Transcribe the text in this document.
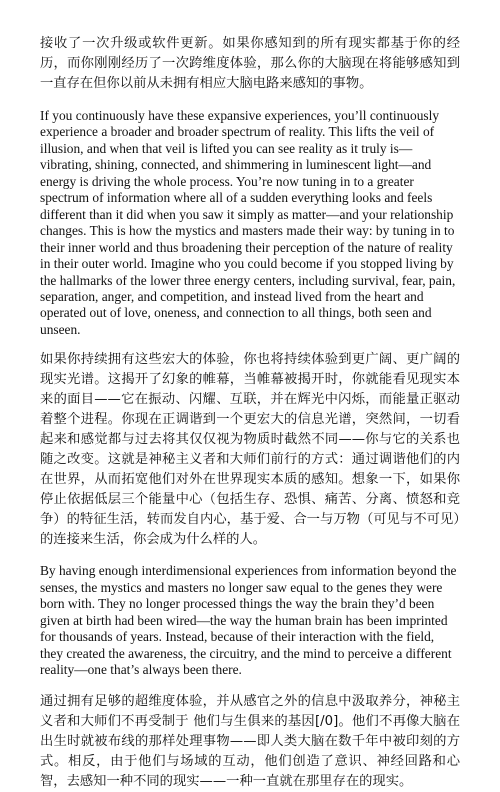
接收了一次升级或软件更新。如果你感知到的所有现实都基于你的经历，而你刚刚经历了一次跨维度体验，那么你的大脑现在将能够感知到一直存在但你以前从未拥有相应大脑电路来感知的事物。

If you continuously have these expansive experiences, you’ll continuously experience a broader and broader spectrum of reality. This lifts the veil of illusion, and when that veil is lifted you can see reality as it truly is—vibrating, shining, connected, and shimmering in luminescent light—and energy is driving the whole process. You’re now tuning in to a greater spectrum of information where all of a sudden everything looks and feels different than it did when you saw it simply as matter—and your relationship changes. This is how the mystics and masters made their way: by tuning in to their inner world and thus broadening their perception of the nature of reality in their outer world. Imagine who you could become if you stopped living by the hallmarks of the lower three energy centers, including survival, fear, pain, separation, anger, and competition, and instead lived from the heart and operated out of love, oneness, and connection to all things, both seen and unseen.

如果你持续拥有这些宏大的体验，你也将持续体验到更广阔、更广阔的现实光谱。这揭开了幻象的帷幕，当帷幕被揭开时，你就能看见现实本来的面目——它在振动、闪耀、互联，并在辉光中闪烁，而能量正驱动着整个进程。你现在正调谐到一个更宏大的信息光谱，突然间，一切看起来和感觉都与过去将其仅仅视为物质时截然不同——你与它的关系也随之改变。这就是神秘主义者和大师们前行的方式：通过调谐他们的内在世界，从而拓宽他们对外在世界现实本质的感知。想象一下，如果你停止依据低层三个能量中心（包括生存、恐惧、痛苦、分离、愤怒和竞争）的特征生活，转而发自内心，基于爱、合一与万物（可见与不可见）的连接来生活，你会成为什么样的人。

By having enough interdimensional experiences from information beyond the senses, the mystics and masters no longer saw equal to the genes they were born with. They no longer processed things the way the brain they’d been given at birth had been wired—the way the human brain has been imprinted for thousands of years. Instead, because of their interaction with the field, they created the awareness, the circuitry, and the mind to perceive a different reality—one that’s always been there.

通过拥有足够的超维度体验，并从感官之外的信息中汲取养分，神秘主义者和大师们不再受制于 他们与生俱来的基因[/0]。他们不再像大脑在出生时就被布线的那样处理事物——即人类大脑在数千年中被印刻的方式。相反，由于他们与场域的互动，他们创造了意识、神经回路和心智，去感知一种不同的现实——一种一直就在那里存在的现实。
